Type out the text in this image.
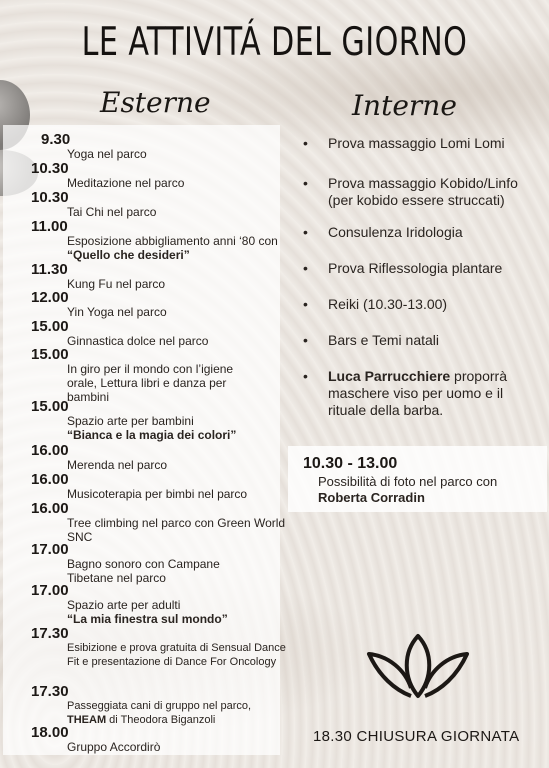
LE ATTIVITÁ DEL GIORNO
Esterne	Interne
9.30
Yoga nel parco
10.30
Meditazione nel parco
10.30
Tai Chi nel parco
11.00
Esposizione abbigliamento anni ‘80 con “Quello che desideri”
11.30
Kung Fu nel parco
12.00
Yin Yoga nel parco
15.00
Ginnastica dolce nel parco
15.00
In giro per il mondo con l’igiene orale, Lettura libri e danza per bambini
15.00
Spazio arte per bambini
“Bianca e la magia dei colori”
16.00
Merenda nel parco
16.00
Musicoterapia per bimbi nel parco
16.00
Tree climbing nel parco con Green World SNC
17.00
Bagno sonoro con Campane Tibetane nel parco
17.00
Spazio arte per adulti
“La mia finestra sul mondo”
17.30
Esibizione e prova gratuita di Sensual Dance Fit e presentazione di Dance For Oncology
17.30
Passeggiata cani di gruppo nel parco,
THEAM di Theodora Biganzoli
18.00
Gruppo Accordirò
• Prova massaggio Lomi Lomi
• Prova massaggio Kobido/Linfo (per kobido essere struccati)
• Consulenza Iridologia
• Prova Riflessologia plantare
• Reiki (10.30-13.00)
• Bars e Temi natali
• Luca Parrucchiere proporrà maschere viso per uomo e il rituale della barba.
10.30 - 13.00
Possibilità di foto nel parco con
Roberta Corradin
18.30 CHIUSURA GIORNATA
